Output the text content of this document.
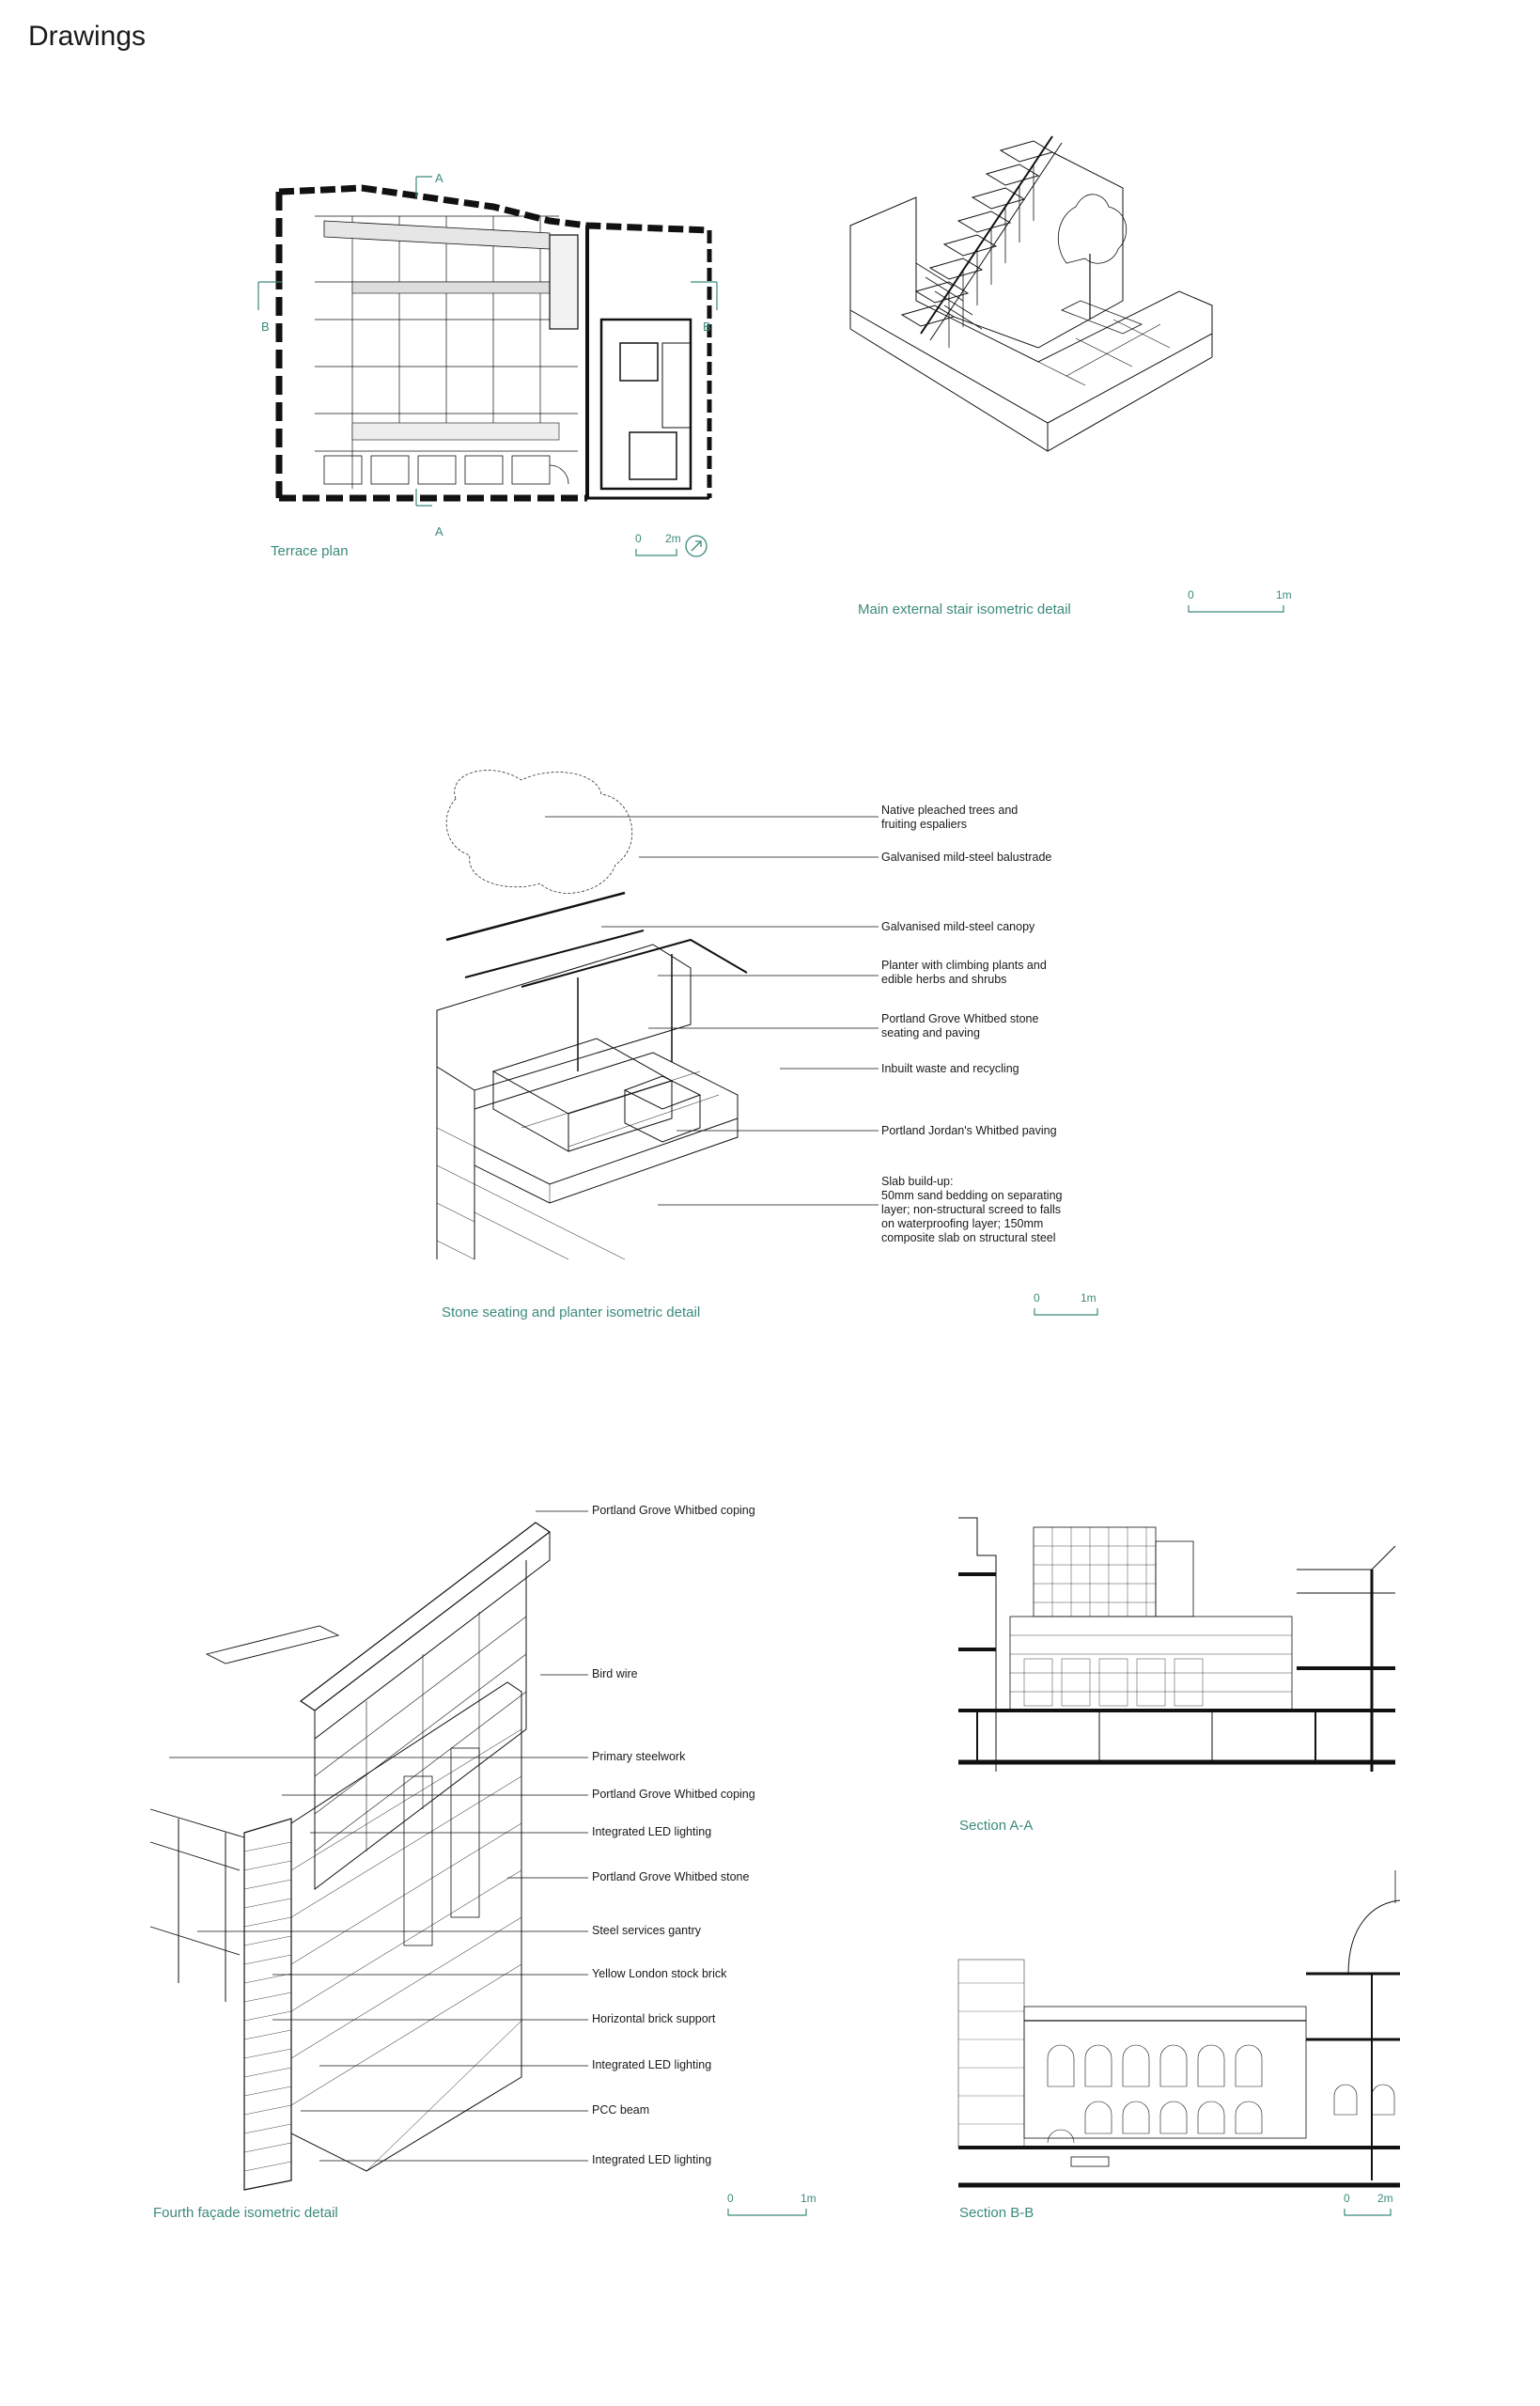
Drawings
A
A
B	B
Terrace plan
0 2m
Main external stair isometric detail
0	1m
Native pleached trees and
fruiting espaliers
Galvanised mild-steel balustrade
Galvanised mild-steel canopy
Planter with climbing plants and
edible herbs and shrubs
Portland Grove Whitbed stone
seating and paving
Inbuilt waste and recycling
Portland Jordan's Whitbed paving
Slab build-up:
50mm sand bedding on separating
layer; non-structural screed to falls
on waterproofing layer; 150mm
composite slab on structural steel
Stone seating and planter isometric detail
0	1m
Portland Grove Whitbed coping
Bird wire
Primary steelwork
Portland Grove Whitbed coping
Integrated LED lighting
Portland Grove Whitbed stone
Steel services gantry
Yellow London stock brick
Horizontal brick support
Integrated LED lighting
PCC beam
Integrated LED lighting
Fourth façade isometric detail
0	1m
Section A-A
Section B-B
0 2m
